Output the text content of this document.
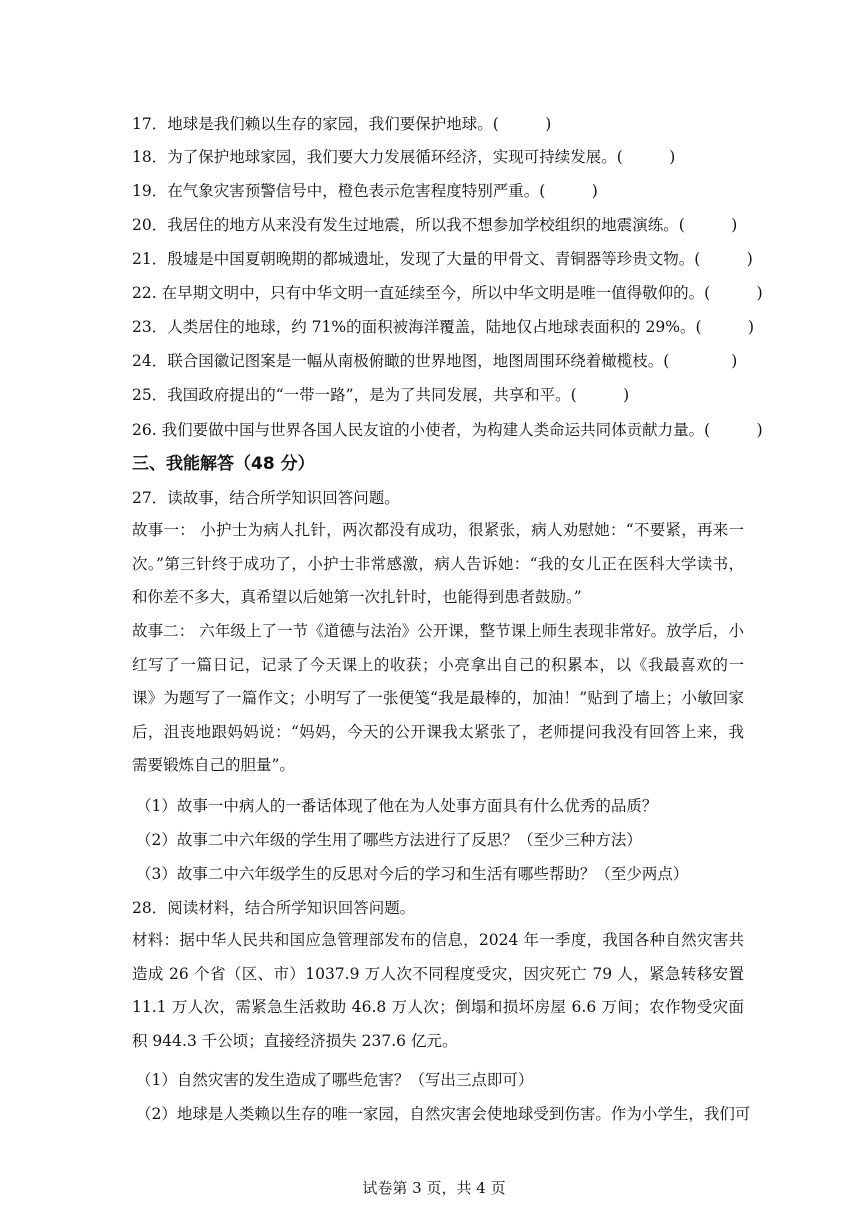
17．地球是我们赖以生存的家园，我们要保护地球。(　　　)
18．为了保护地球家园，我们要大力发展循环经济，实现可持续发展。(　　　)
19．在气象灾害预警信号中，橙色表示危害程度特别严重。(　　　)
20．我居住的地方从来没有发生过地震，所以我不想参加学校组织的地震演练。(　　　)
21．殷墟是中国夏朝晚期的都城遗址，发现了大量的甲骨文、青铜器等珍贵文物。(　　　)
22. 在早期文明中，只有中华文明一直延续至今，所以中华文明是唯一值得敬仰的。(　　　)
23．人类居住的地球，约 71%的面积被海洋覆盖，陆地仅占地球表面积的 29%。(　　　)
24．联合国徽记图案是一幅从南极俯瞰的世界地图，地图周围环绕着橄榄枝。(　　　　)
25．我国政府提出的“一带一路”，是为了共同发展，共享和平。(　　　)
26. 我们要做中国与世界各国人民友谊的小使者，为构建人类命运共同体贡献力量。(　　　)
三、我能解答（48 分）
27．读故事，结合所学知识回答问题。
故事一： 小护士为病人扎针，两次都没有成功，很紧张，病人劝慰她：“不要紧，再来一次。”第三针终于成功了，小护士非常感激，病人告诉她：“我的女儿正在医科大学读书，和你差不多大，真希望以后她第一次扎针时，也能得到患者鼓励。”
故事二： 六年级上了一节《道德与法治》公开课，整节课上师生表现非常好。放学后，小红写了一篇日记，记录了今天课上的收获；小亮拿出自己的积累本，以《我最喜欢的一课》为题写了一篇作文；小明写了一张便笺“我是最棒的，加油！”贴到了墙上；小敏回家后，沮丧地跟妈妈说：“妈妈，今天的公开课我太紧张了，老师提问我没有回答上来，我需要锻炼自己的胆量”。
（1）故事一中病人的一番话体现了他在为人处事方面具有什么优秀的品质？
（2）故事二中六年级的学生用了哪些方法进行了反思？（至少三种方法）
（3）故事二中六年级学生的反思对今后的学习和生活有哪些帮助？（至少两点）
28．阅读材料，结合所学知识回答问题。
材料：据中华人民共和国应急管理部发布的信息，2024 年一季度，我国各种自然灾害共造成 26 个省（区、市）1037.9 万人次不同程度受灾，因灾死亡 79 人，紧急转移安置 11.1 万人次，需紧急生活救助 46.8 万人次；倒塌和损坏房屋 6.6 万间；农作物受灾面积 944.3 千公顷；直接经济损失 237.6 亿元。
（1）自然灾害的发生造成了哪些危害？（写出三点即可）
（2）地球是人类赖以生存的唯一家园，自然灾害会使地球受到伤害。作为小学生，我们可
试卷第 3 页，共 4 页
